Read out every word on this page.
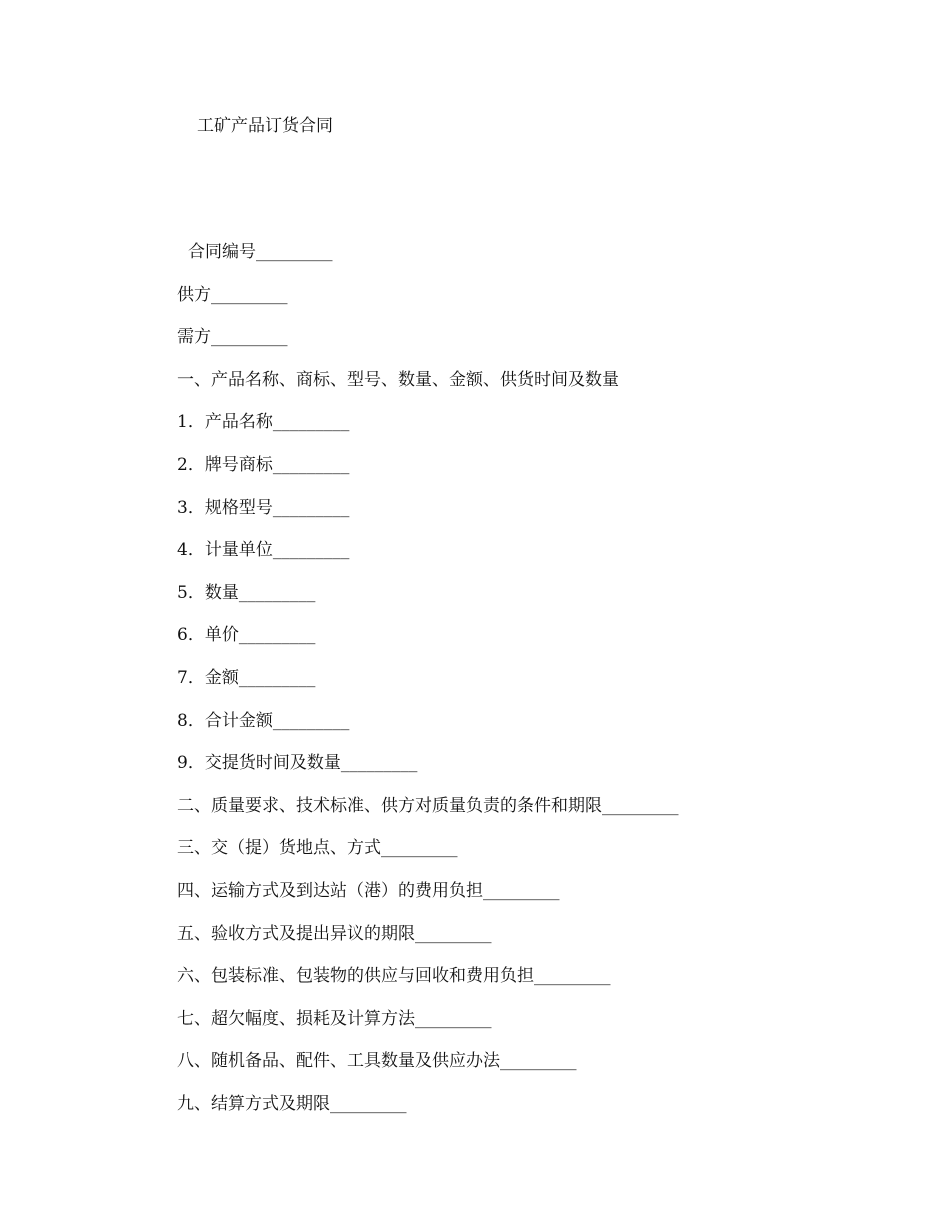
工矿产品订货合同
合同编号_________
供方_________
需方_________
一、产品名称、商标、型号、数量、金额、供货时间及数量
1．产品名称_________
2．牌号商标_________
3．规格型号_________
4．计量单位_________
5．数量_________
6．单价_________
7．金额_________
8．合计金额_________
9．交提货时间及数量_________
二、质量要求、技术标准、供方对质量负责的条件和期限_________
三、交（提）货地点、方式_________
四、运输方式及到达站（港）的费用负担_________
五、验收方式及提出异议的期限_________
六、包装标准、包装物的供应与回收和费用负担_________
七、超欠幅度、损耗及计算方法_________
八、随机备品、配件、工具数量及供应办法_________
九、结算方式及期限_________
